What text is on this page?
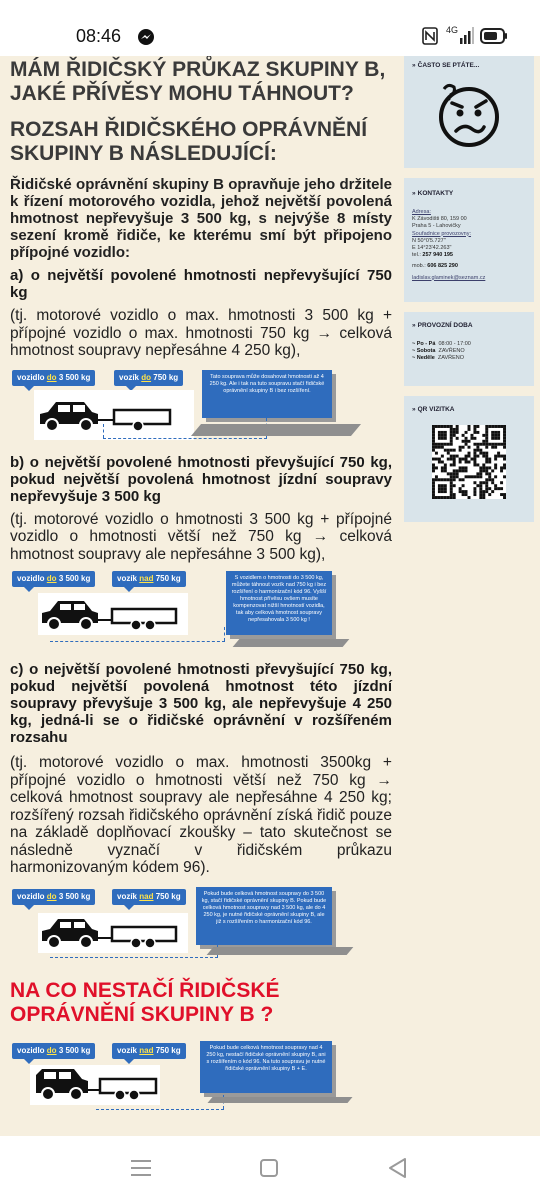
08:46	4G
MÁM ŘIDIČSKÝ PRŮKAZ SKUPINY B, JAKÉ PŘÍVĚSY MOHU TÁHNOUT?
ROZSAH ŘIDIČSKÉHO OPRÁVNĚNÍ SKUPINY B NÁSLEDUJÍCÍ:

Řidičské oprávnění skupiny B opravňuje jeho držitele k řízení motorového vozidla, jehož největší povolená hmotnost nepřevyšuje 3 500 kg, s nejvýše 8 místy sezení kromě řidiče, ke kterému smí být připojeno přípojné vozidlo:

a) o největší povolené hmotnosti nepřevyšující 750 kg

(tj. motorové vozidlo o max. hmotnosti 3 500 kg + přípojné vozidlo o max. hmotnosti 750 kg → celková hmotnost soupravy nepřesáhne 4 250 kg),

vozidlo do 3 500 kg	vozík do 750 kg	Tato souprava může dosahovat hmotnosti až 4 250 kg. Ale i tak na tuto soupravu stačí řidičské oprávnění skupiny B i bez rozšíření.

b) o největší povolené hmotnosti převyšující 750 kg, pokud největší povolená hmotnost jízdní soupravy nepřevyšuje 3 500 kg

(tj. motorové vozidlo o hmotnosti 3 500 kg + přípojné vozidlo o hmotnosti větší než 750 kg → celková hmotnost soupravy ale nepřesáhne 3 500 kg),

vozidlo do 3 500 kg	vozík nad 750 kg	S vozidlem o hmotnosti do 3 500 kg, můžete táhnout vozík nad 750 kg i bez rozšíření o harmonizační kód 96. Vyšší hmotnost přívěsu ovšem musíte kompenzovat nižší hmotností vozidla, tak aby celková hmotnost soupravy nepřesahovala 3 500 kg !

c) o největší povolené hmotnosti převyšující 750 kg, pokud největší povolená hmotnost této jízdní soupravy převyšuje 3 500 kg, ale nepřevyšuje 4 250 kg, jedná-li se o řidičské oprávnění v rozšířeném rozsahu

(tj. motorové vozidlo o max. hmotnosti 3500kg + přípojné vozidlo o hmotnosti větší než 750 kg → celková hmotnost soupravy ale nepřesáhne 4 250 kg; rozšířený rozsah řidičského oprávnění získá řidič pouze na základě doplňovací zkoušky – tato skutečnost se následně vyznačí v řidičském průkazu harmonizovaným kódem 96).

vozidlo do 3 500 kg	vozík nad 750 kg	Pokud bude celková hmotnost soupravy do 3 500 kg, stačí řidičské oprávnění skupiny B. Pokud bude celková hmotnost soupravy nad 3 500 kg, ale do 4 250 kg, je nutné řidičské oprávnění skupiny B, ale již s rozšířením o harmonizační kód 96.
NA CO NESTAČÍ ŘIDIČSKÉ OPRÁVNĚNÍ SKUPINY B ?
vozidlo do 3 500 kg	vozík nad 750 kg	Pokud bude celková hmotnost soupravy nad 4 250 kg, nestačí řidičské oprávnění skupiny B, ani s rozšířením o kód 96. Na tuto soupravu je nutné řidičské oprávnění skupiny B + E.
» ČASTO SE PTÁTE...
» KONTAKTY
Adresa:
K Závodišti 80, 159 00
Praha 5 - Lahovičky
Souřadnice provozovny:
N 50°0'5.727"
E 14°23'42.263"
tel.: 257 940 195
mob.: 606 825 290
ladislav.glaminek@seznam.cz
» PROVOZNÍ DOBA
~ Po - Pá 08:00 - 17:00
~ Sobota ZAVŘENO
~ Neděle ZAVŘENO
» QR VIZITKA
